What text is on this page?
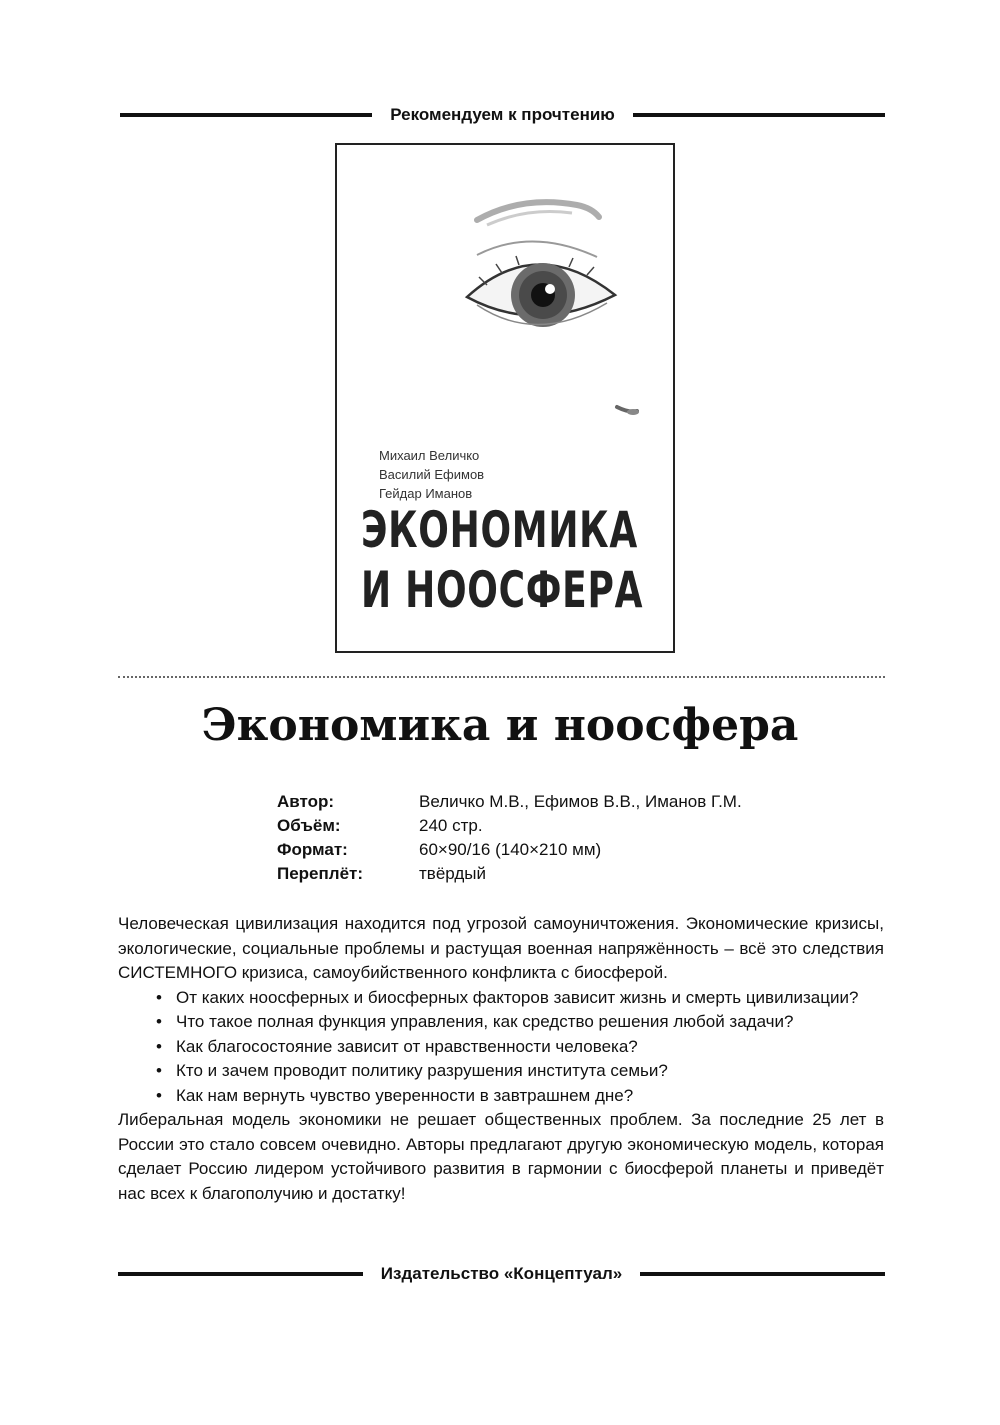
Рекомендуем к прочтению
Михаил Величко
Василий Ефимов
Гейдар Иманов
ЭКОНОМИКА
И НООСФЕРА
Экономика и ноосфера
Автор:	Величко М.В., Ефимов В.В., Иманов Г.М.
Объём:	240 стр.
Формат:	60×90/16 (140×210 мм)
Переплёт:	твёрдый

Человеческая цивилизация находится под угрозой самоуничтожения. Экономические кризисы, экологические, социальные проблемы и растущая военная напряжённость – всё это следствия СИСТЕМНОГО кризиса, самоубийственного конфликта с биосферой.

• От каких ноосферных и биосферных факторов зависит жизнь и смерть цивилизации?
• Что такое полная функция управления, как средство решения любой задачи?
• Как благосостояние зависит от нравственности человека?
• Кто и зачем проводит политику разрушения института семьи?
• Как нам вернуть чувство уверенности в завтрашнем дне?

Либеральная модель экономики не решает общественных проблем. За последние 25 лет в России это стало совсем очевидно. Авторы предлагают другую экономическую модель, которая сделает Россию лидером устойчивого развития в гармонии с биосферой планеты и приведёт нас всех к благополучию и достатку!

Издательство «Концептуал»
